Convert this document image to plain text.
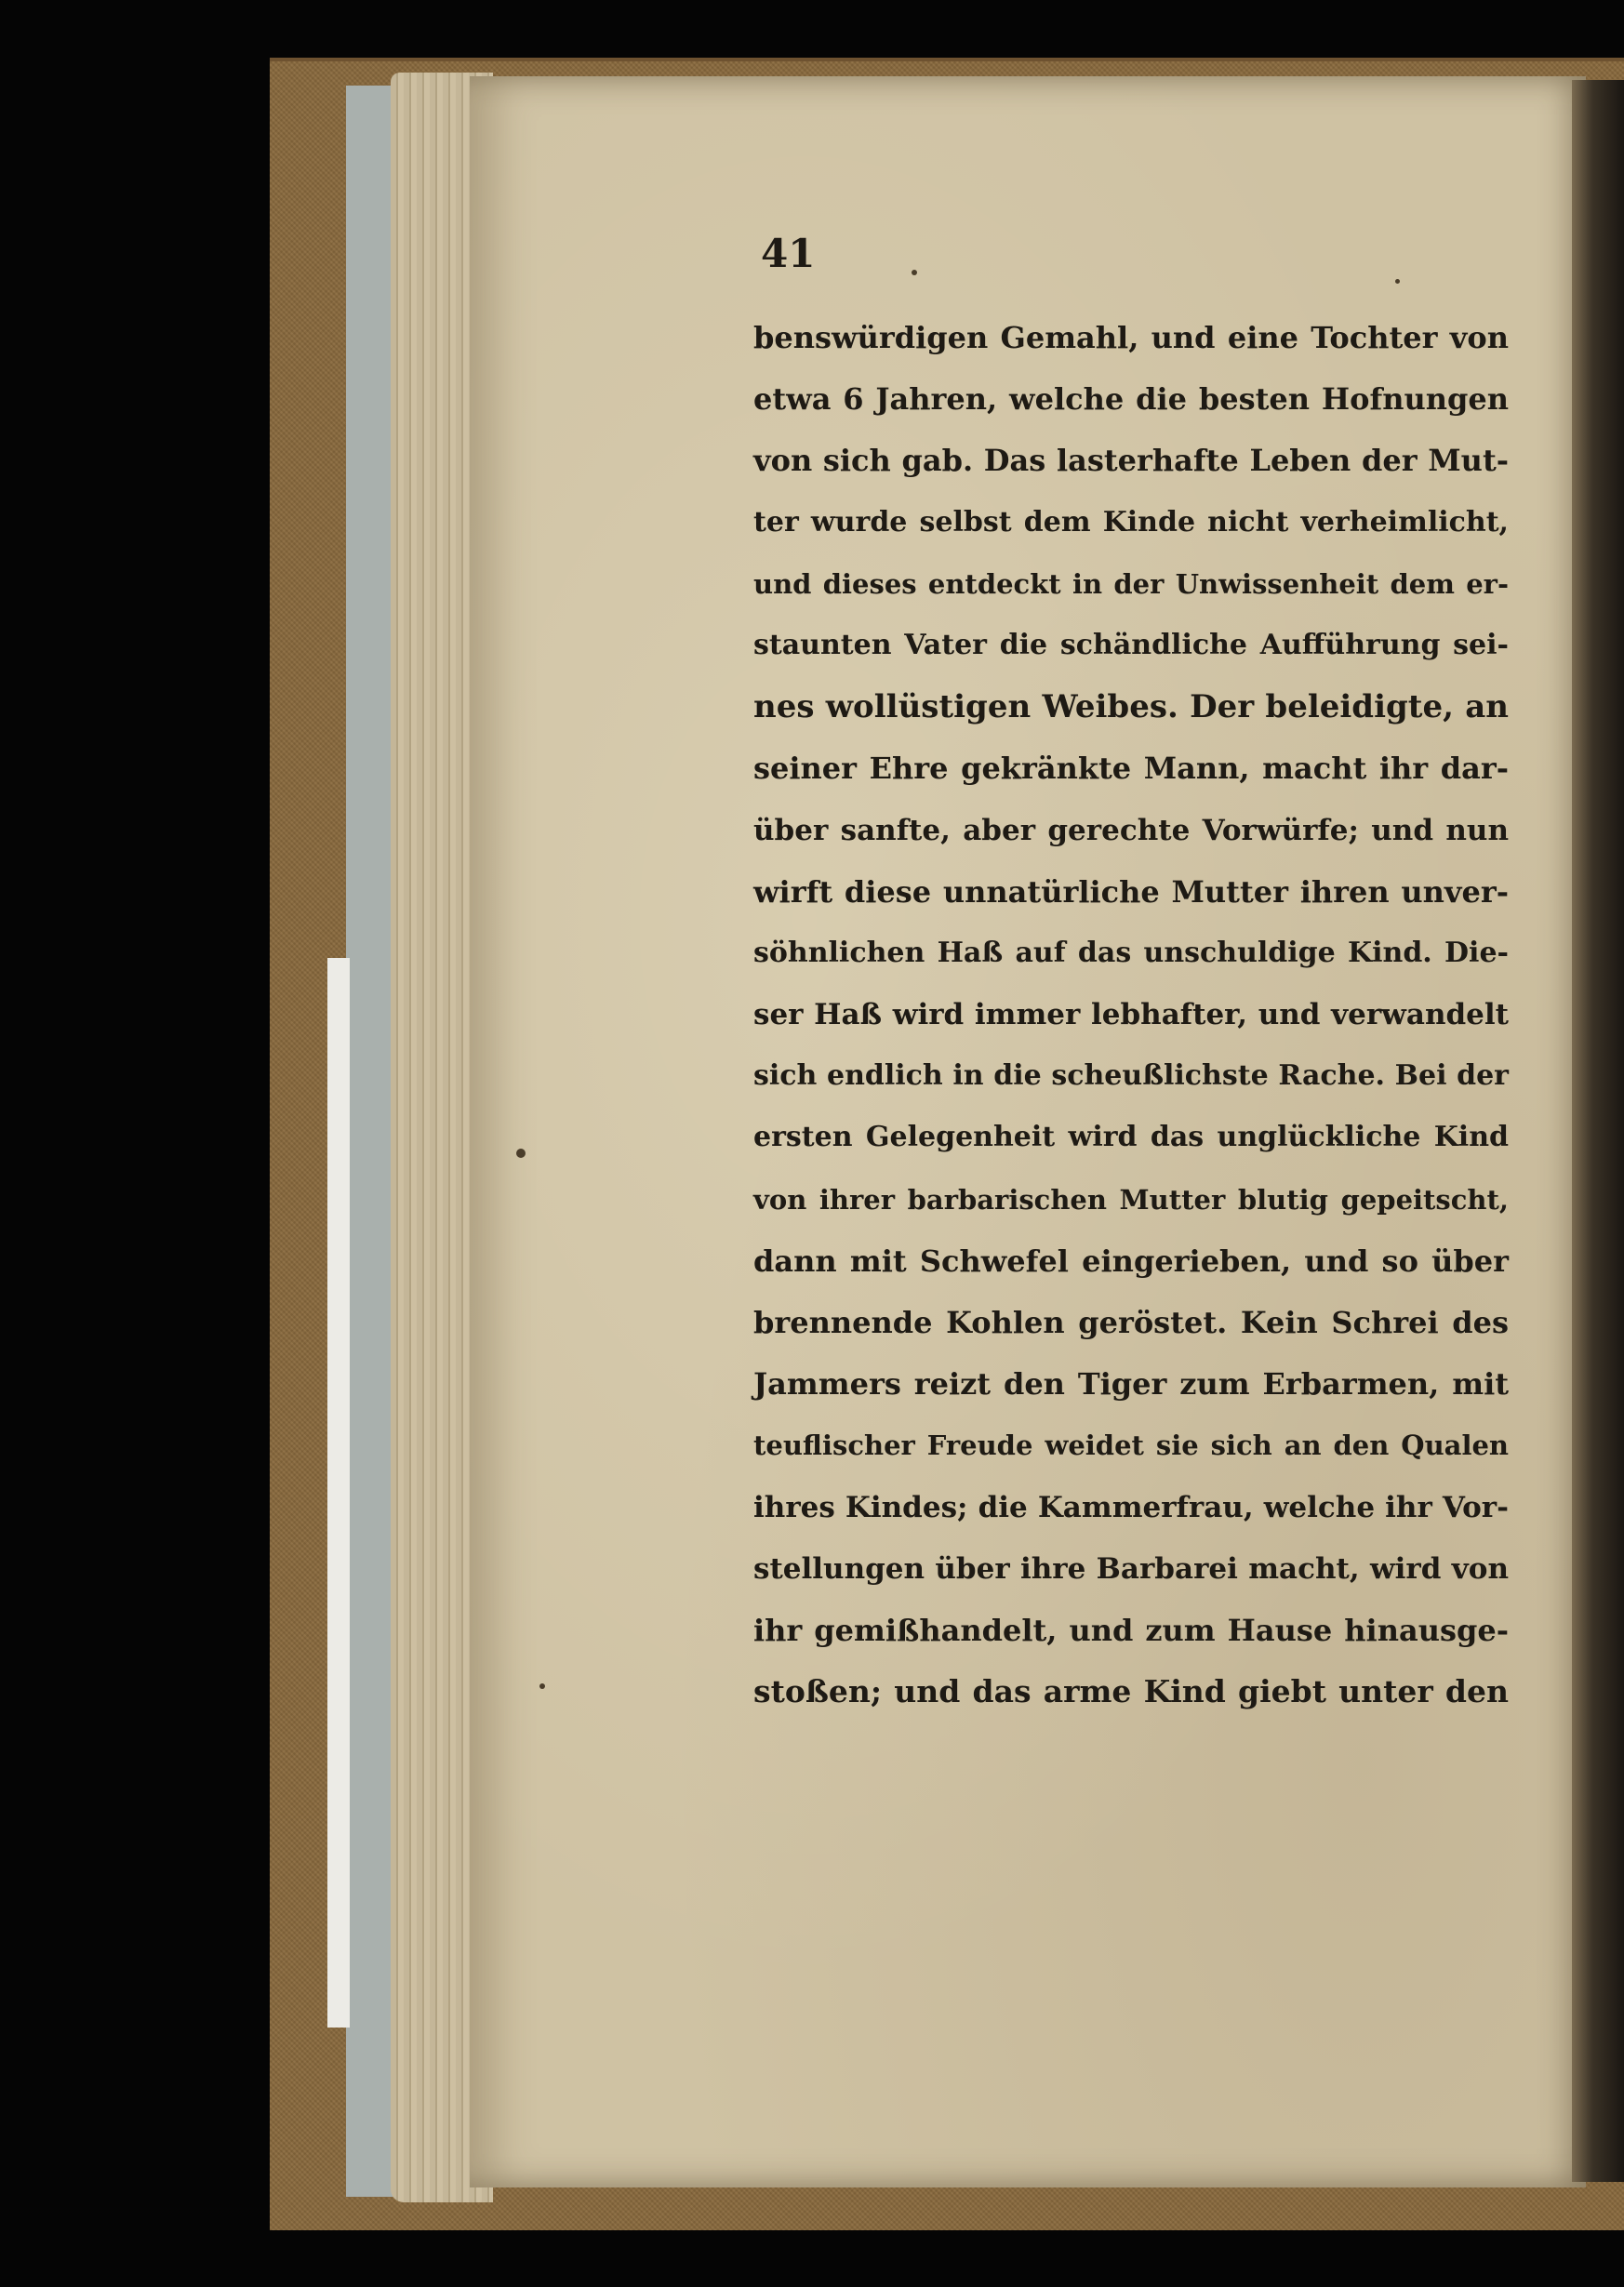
41
benswürdigen Gemahl, und eine Tochter von
etwa 6 Jahren, welche die besten Hofnungen
von sich gab. Das lasterhafte Leben der Mut-
ter wurde selbst dem Kinde nicht verheimlicht,
und dieses entdeckt in der Unwissenheit dem er-
staunten Vater die schändliche Aufführung sei-
nes wollüstigen Weibes. Der beleidigte, an
seiner Ehre gekränkte Mann, macht ihr dar-
über sanfte, aber gerechte Vorwürfe; und nun
wirft diese unnatürliche Mutter ihren unver-
söhnlichen Haß auf das unschuldige Kind. Die-
ser Haß wird immer lebhafter, und verwandelt
sich endlich in die scheußlichste Rache. Bei der
ersten Gelegenheit wird das unglückliche Kind
von ihrer barbarischen Mutter blutig gepeitscht,
dann mit Schwefel eingerieben, und so über
brennende Kohlen geröstet. Kein Schrei des
Jammers reizt den Tiger zum Erbarmen, mit
teuflischer Freude weidet sie sich an den Qualen
ihres Kindes; die Kammerfrau, welche ihr Vor-
stellungen über ihre Barbarei macht, wird von
ihr gemißhandelt, und zum Hause hinausge-
stoßen; und das arme Kind giebt unter den
